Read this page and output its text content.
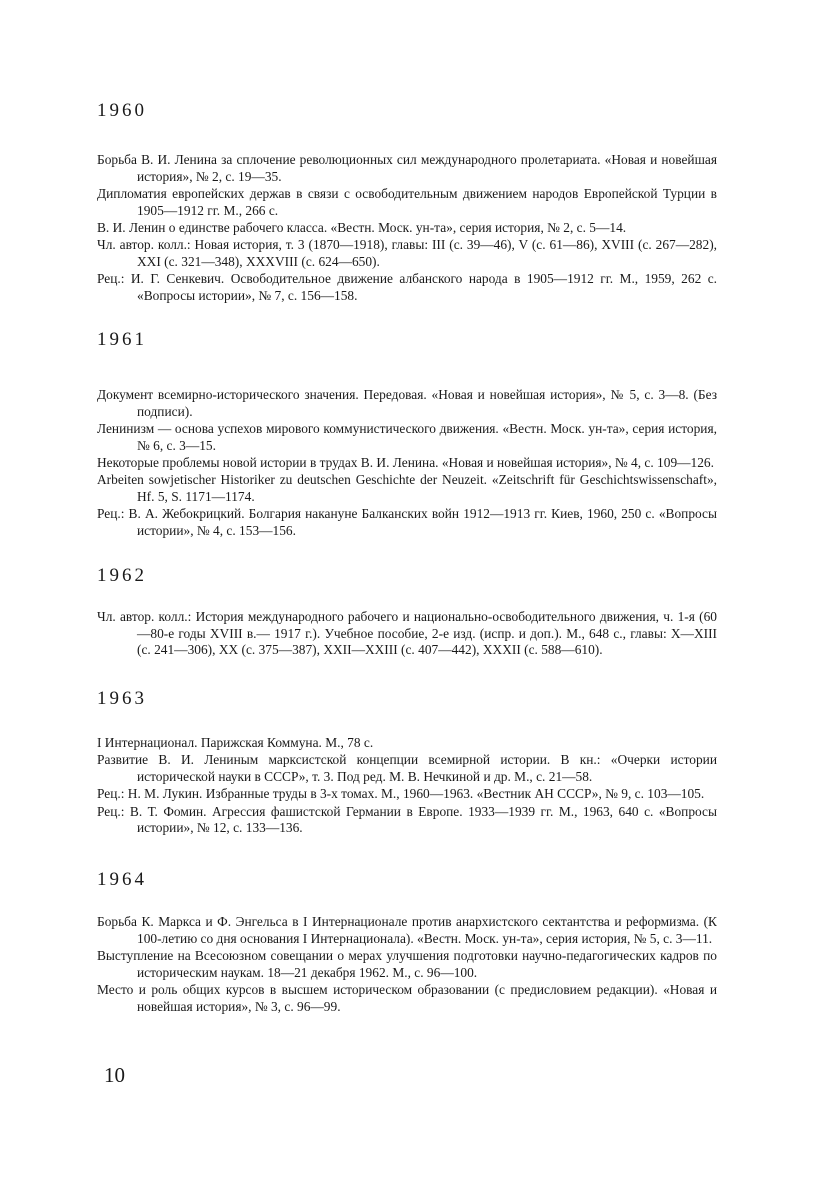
1960
Борьба В. И. Ленина за сплочение революционных сил международного пролетариата. «Новая и новейшая история», № 2, с. 19—35.
Дипломатия европейских держав в связи с освободительным движением народов Европейской Турции в 1905—1912 гг. М., 266 с.
В. И. Ленин о единстве рабочего класса. «Вестн. Моск. ун-та», серия история, № 2, с. 5—14.
Чл. автор. колл.: Новая история, т. 3 (1870—1918), главы: III (с. 39—46), V (с. 61—86), XVIII (с. 267—282), XXI (с. 321—348), XXXVIII (с. 624—650).
Рец.: И. Г. Сенкевич. Освободительное движение албанского народа в 1905—1912 гг. М., 1959, 262 с. «Вопросы истории», № 7, с. 156—158.
1961
Документ всемирно-исторического значения. Передовая. «Новая и новейшая история», № 5, с. 3—8. (Без подписи).
Ленинизм — основа успехов мирового коммунистического движения. «Вестн. Моск. ун-та», серия история, № 6, с. 3—15.
Некоторые проблемы новой истории в трудах В. И. Ленина. «Новая и новейшая история», № 4, с. 109—126.
Arbeiten sowjetischer Historiker zu deutschen Geschichte der Neuzeit. «Zeitschrift für Geschichtswissenschaft», Hf. 5, S. 1171—1174.
Рец.: В. А. Жебокрицкий. Болгария накануне Балканских войн 1912—1913 гг. Киев, 1960, 250 с. «Вопросы истории», № 4, с. 153—156.
1962
Чл. автор. колл.: История международного рабочего и национально-освободительного движения, ч. 1-я (60—80-е годы XVIII в.— 1917 г.). Учебное пособие, 2-е изд. (испр. и доп.). М., 648 с., главы: X—XIII (с. 241—306), XX (с. 375—387), XXII—XXIII (с. 407—442), XXXII (с. 588—610).
1963
I Интернационал. Парижская Коммуна. М., 78 с.
Развитие В. И. Лениным марксистской концепции всемирной истории. В кн.: «Очерки истории исторической науки в СССР», т. 3. Под ред. М. В. Нечкиной и др. М., с. 21—58.
Рец.: Н. М. Лукин. Избранные труды в 3-х томах. М., 1960—1963. «Вестник АН СССР», № 9, с. 103—105.
Рец.: В. Т. Фомин. Агрессия фашистской Германии в Европе. 1933—1939 гг. М., 1963, 640 с. «Вопросы истории», № 12, с. 133—136.
1964
Борьба К. Маркса и Ф. Энгельса в I Интернационале против анархистского сектантства и реформизма. (К 100-летию со дня основания I Интернационала). «Вестн. Моск. ун-та», серия история, № 5, с. 3—11.
Выступление на Всесоюзном совещании о мерах улучшения подготовки научно-педагогических кадров по историческим наукам. 18—21 декабря 1962. М., с. 96—100.
Место и роль общих курсов в высшем историческом образовании (с предисловием редакции). «Новая и новейшая история», № 3, с. 96—99.
10
